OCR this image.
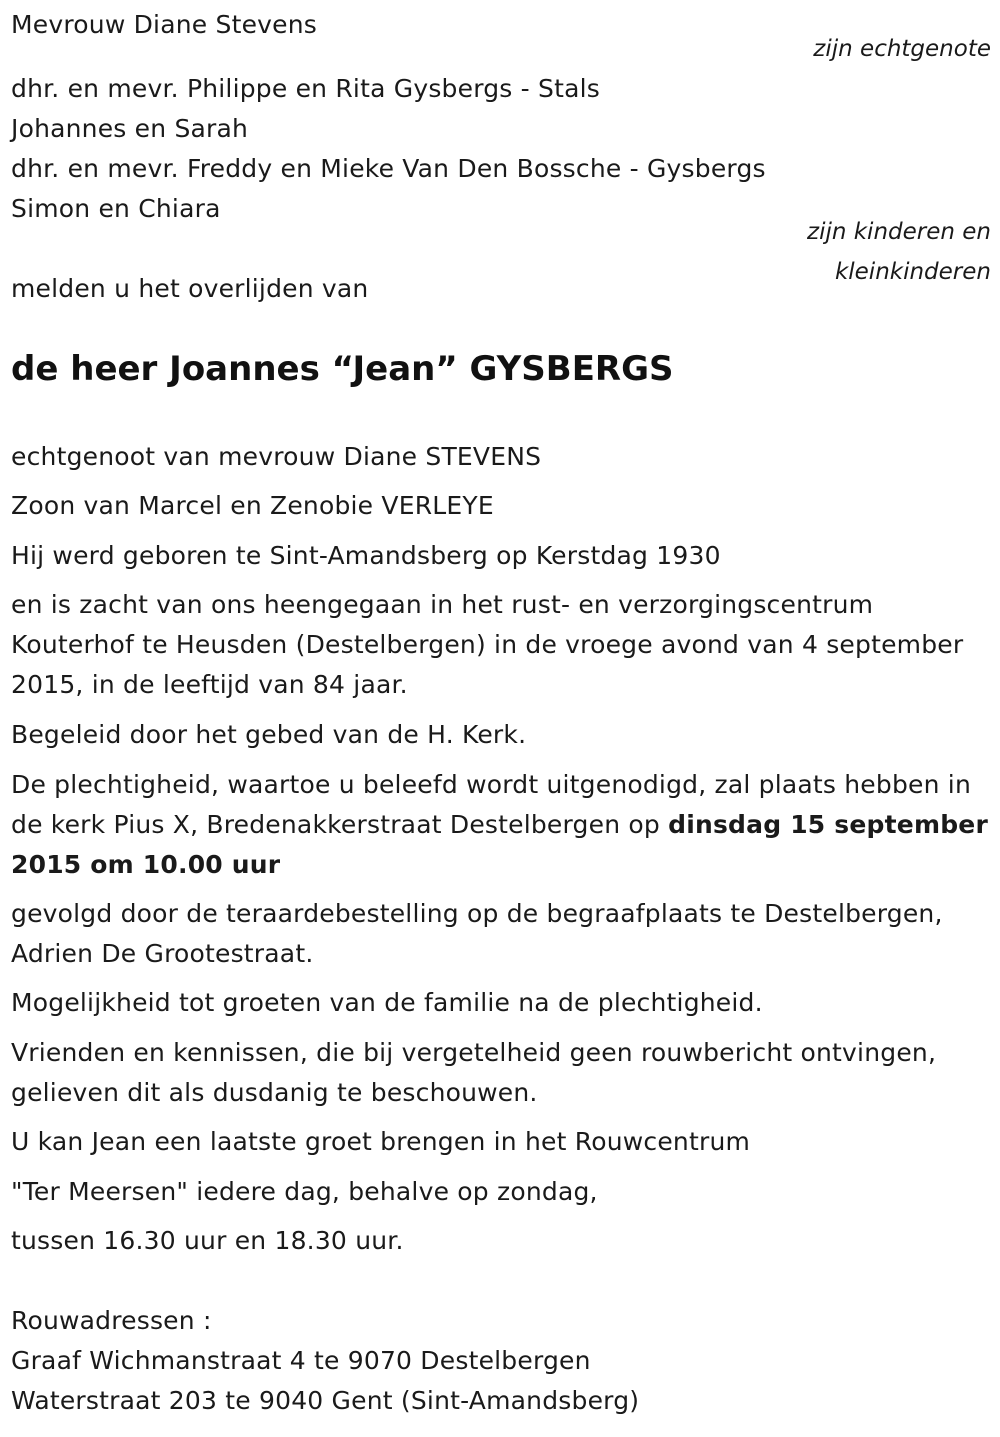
Mevrouw Diane Stevens
zijn echtgenote
dhr. en mevr. Philippe en Rita Gysbergs - Stals
Johannes en Sarah
dhr. en mevr. Freddy en Mieke Van Den Bossche - Gysbergs
Simon en Chiara
zijn kinderen en
kleinkinderen
melden u het overlijden van
de heer Joannes “Jean” GYSBERGS
echtgenoot van mevrouw Diane STEVENS
Zoon van Marcel en Zenobie VERLEYE
Hij werd geboren te Sint-Amandsberg op Kerstdag 1930
en is zacht van ons heengegaan in het rust- en verzorgingscentrum Kouterhof te Heusden (Destelbergen) in de vroege avond van 4 september 2015, in de leeftijd van 84 jaar.
Begeleid door het gebed van de H. Kerk.
De plechtigheid, waartoe u beleefd wordt uitgenodigd, zal plaats hebben in de kerk Pius X, Bredenakkerstraat Destelbergen op dinsdag 15 september 2015 om 10.00 uur
gevolgd door de teraardebestelling op de begraafplaats te Destelbergen, Adrien De Grootestraat.
Mogelijkheid tot groeten van de familie na de plechtigheid.
Vrienden en kennissen, die bij vergetelheid geen rouwbericht ontvingen, gelieven dit als dusdanig te beschouwen.
U kan Jean een laatste groet brengen in het Rouwcentrum
"Ter Meersen" iedere dag, behalve op zondag,
tussen 16.30 uur en 18.30 uur.
Rouwadressen :
Graaf Wichmanstraat 4 te 9070 Destelbergen
Waterstraat 203 te 9040 Gent (Sint-Amandsberg)
